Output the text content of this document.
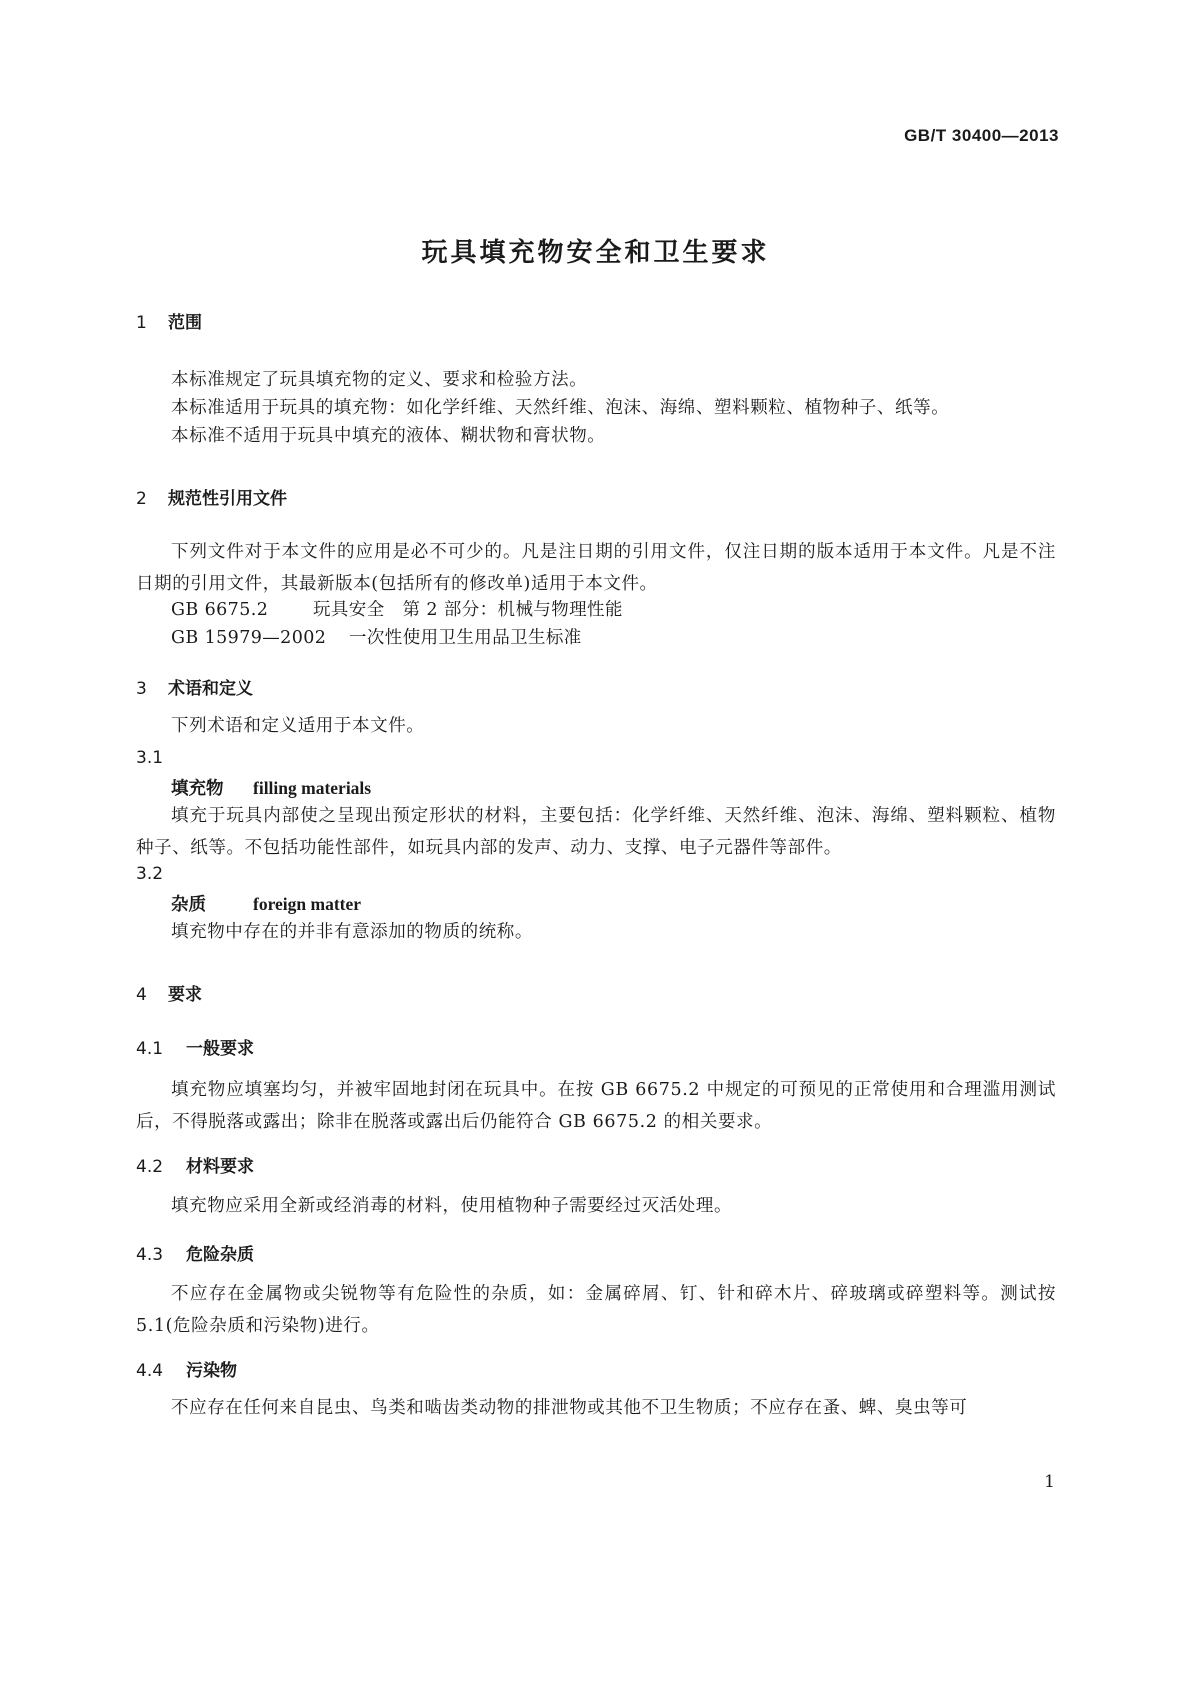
GB/T 30400—2013
玩具填充物安全和卫生要求
1 范围
本标准规定了玩具填充物的定义、要求和检验方法。
本标准适用于玩具的填充物：如化学纤维、天然纤维、泡沫、海绵、塑料颗粒、植物种子、纸等。
本标准不适用于玩具中填充的液体、糊状物和膏状物。
2 规范性引用文件
下列文件对于本文件的应用是必不可少的。凡是注日期的引用文件，仅注日期的版本适用于本文件。凡是不注日期的引用文件，其最新版本(包括所有的修改单)适用于本文件。
GB 6675.2	玩具安全　第 2 部分：机械与物理性能
GB 15979—2002 一次性使用卫生用品卫生标准
3 术语和定义
下列术语和定义适用于本文件。
3.1
填充物 filling materials
填充于玩具内部使之呈现出预定形状的材料，主要包括：化学纤维、天然纤维、泡沫、海绵、塑料颗粒、植物种子、纸等。不包括功能性部件，如玩具内部的发声、动力、支撑、电子元器件等部件。
3.2
杂质	foreign matter
填充物中存在的并非有意添加的物质的统称。
4 要求
4.1 一般要求
填充物应填塞均匀，并被牢固地封闭在玩具中。在按 GB 6675.2 中规定的可预见的正常使用和合理滥用测试后，不得脱落或露出；除非在脱落或露出后仍能符合 GB 6675.2 的相关要求。
4.2 材料要求
填充物应采用全新或经消毒的材料，使用植物种子需要经过灭活处理。
4.3 危险杂质
不应存在金属物或尖锐物等有危险性的杂质，如：金属碎屑、钉、针和碎木片、碎玻璃或碎塑料等。测试按 5.1(危险杂质和污染物)进行。
4.4 污染物
不应存在任何来自昆虫、鸟类和啮齿类动物的排泄物或其他不卫生物质；不应存在蚤、蜱、臭虫等可
1
